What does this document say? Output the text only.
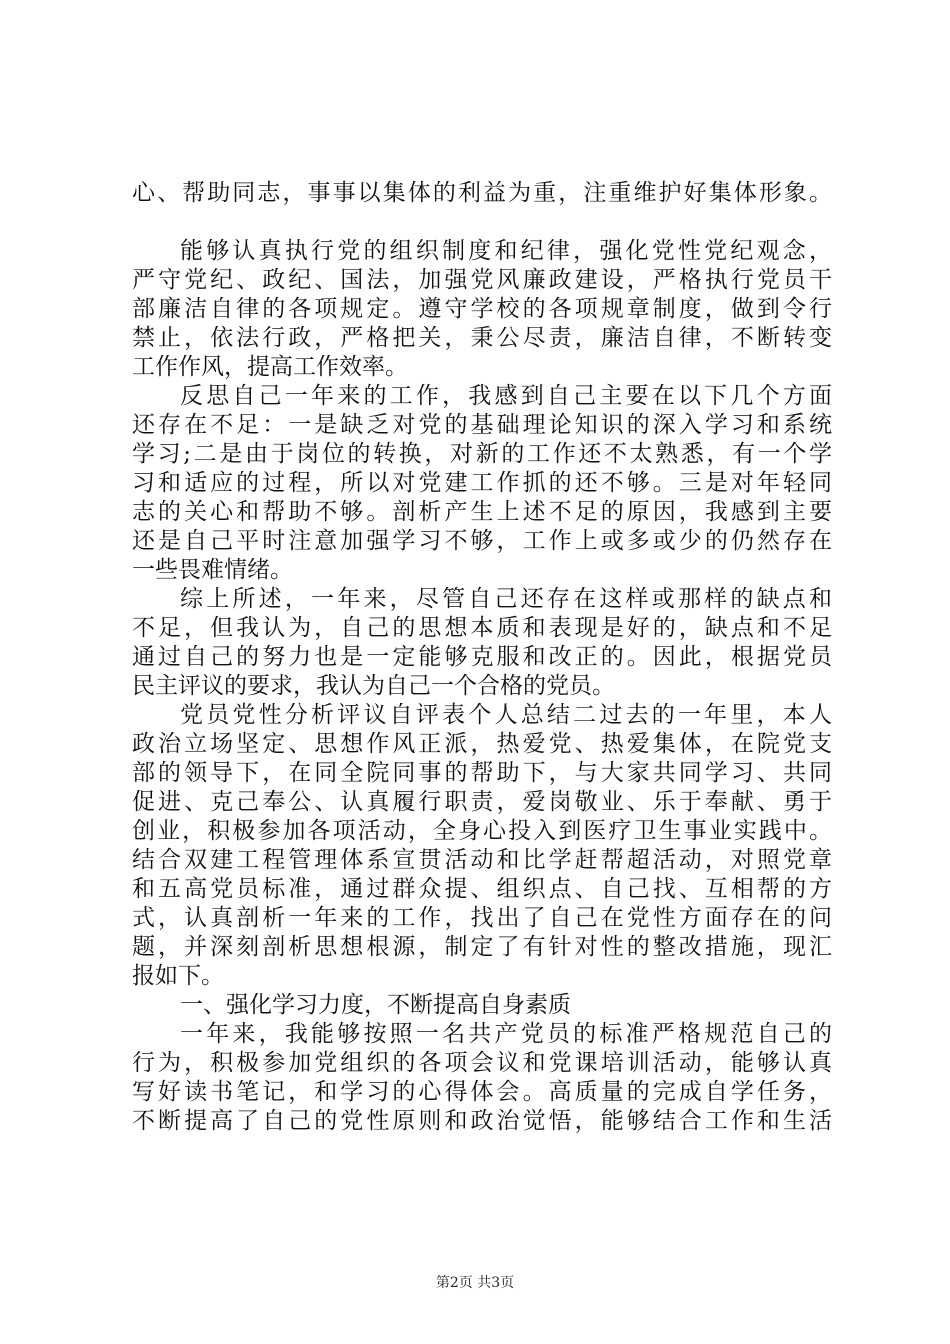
心、帮助同志，事事以集体的利益为重，注重维护好集体形象。
能够认真执行党的组织制度和纪律，强化党性党纪观念，
严守党纪、政纪、国法，加强党风廉政建设，严格执行党员干
部廉洁自律的各项规定。遵守学校的各项规章制度，做到令行
禁止，依法行政，严格把关，秉公尽责，廉洁自律，不断转变
工作作风，提高工作效率。
反思自己一年来的工作，我感到自己主要在以下几个方面
还存在不足：一是缺乏对党的基础理论知识的深入学习和系统
学习;二是由于岗位的转换，对新的工作还不太熟悉，有一个学
习和适应的过程，所以对党建工作抓的还不够。三是对年轻同
志的关心和帮助不够。剖析产生上述不足的原因，我感到主要
还是自己平时注意加强学习不够，工作上或多或少的仍然存在
一些畏难情绪。
综上所述，一年来，尽管自己还存在这样或那样的缺点和
不足，但我认为，自己的思想本质和表现是好的，缺点和不足
通过自己的努力也是一定能够克服和改正的。因此，根据党员
民主评议的要求，我认为自己一个合格的党员。
党员党性分析评议自评表个人总结二过去的一年里，本人
政治立场坚定、思想作风正派，热爱党、热爱集体，在院党支
部的领导下，在同全院同事的帮助下，与大家共同学习、共同
促进、克己奉公、认真履行职责，爱岗敬业、乐于奉献、勇于
创业，积极参加各项活动，全身心投入到医疗卫生事业实践中。
结合双建工程管理体系宣贯活动和比学赶帮超活动，对照党章
和五高党员标准，通过群众提、组织点、自己找、互相帮的方
式，认真剖析一年来的工作，找出了自己在党性方面存在的问
题，并深刻剖析思想根源，制定了有针对性的整改措施，现汇
报如下。
一、强化学习力度，不断提高自身素质
一年来，我能够按照一名共产党员的标准严格规范自己的
行为，积极参加党组织的各项会议和党课培训活动，能够认真
写好读书笔记，和学习的心得体会。高质量的完成自学任务，
不断提高了自己的党性原则和政治觉悟，能够结合工作和生活
第2页 共3页
